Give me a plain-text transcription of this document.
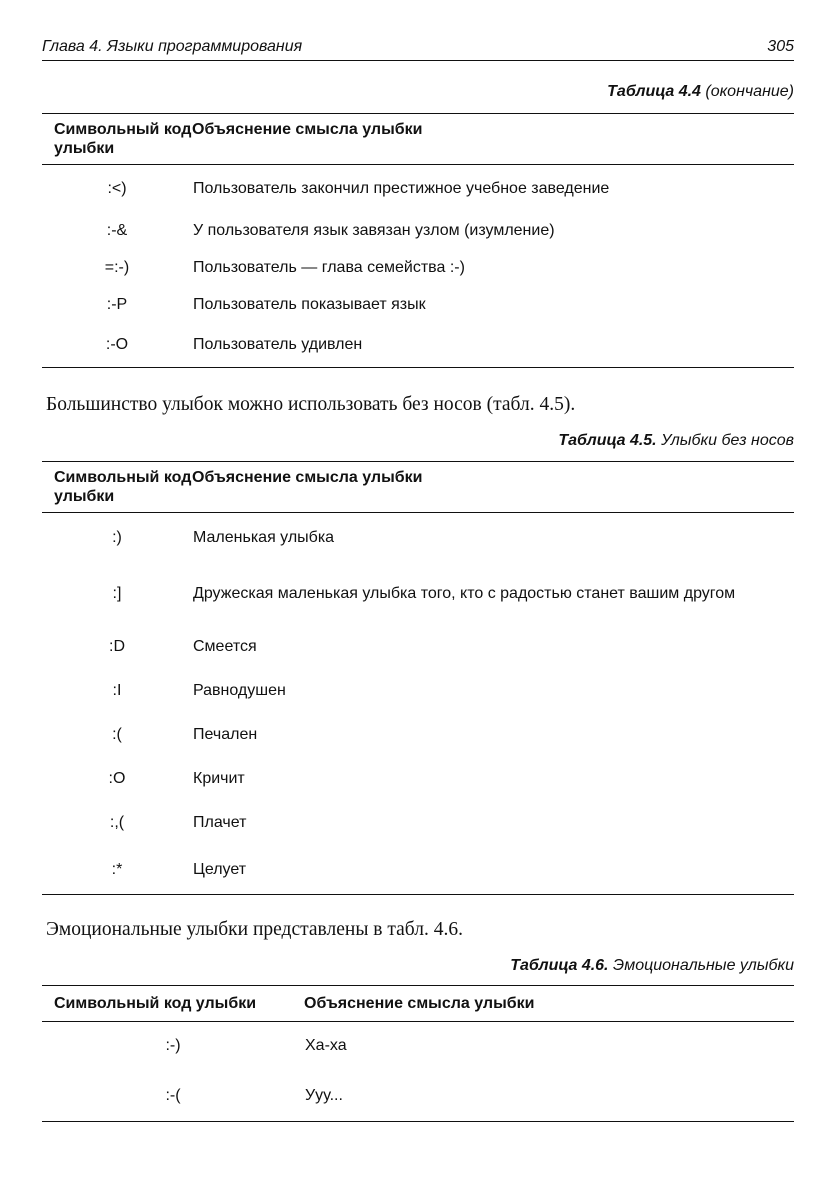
Глава 4. Языки программирования	305

Таблица 4.4 (окончание)

Символьный код улыбки	Объяснение смысла улыбки
:<)	Пользователь закончил престижное учебное заведение
:-&	У пользователя язык завязан узлом (изумление)
=:-)	Пользователь — глава семейства :-)
:-P	Пользователь показывает язык
:-O	Пользователь удивлен

Большинство улыбок можно использовать без носов (табл. 4.5).

Таблица 4.5. Улыбки без носов

Символьный код улыбки	Объяснение смысла улыбки
:)	Маленькая улыбка
:]	Дружеская маленькая улыбка того, кто с радостью станет вашим другом
:D	Смеется
:I	Равнодушен
:(	Печален
:O	Кричит
:,(	Плачет
:*	Целует

Эмоциональные улыбки представлены в табл. 4.6.

Таблица 4.6. Эмоциональные улыбки

Символьный код улыбки	Объяснение смысла улыбки
:-)	Ха-ха
:-(	Ууу...
